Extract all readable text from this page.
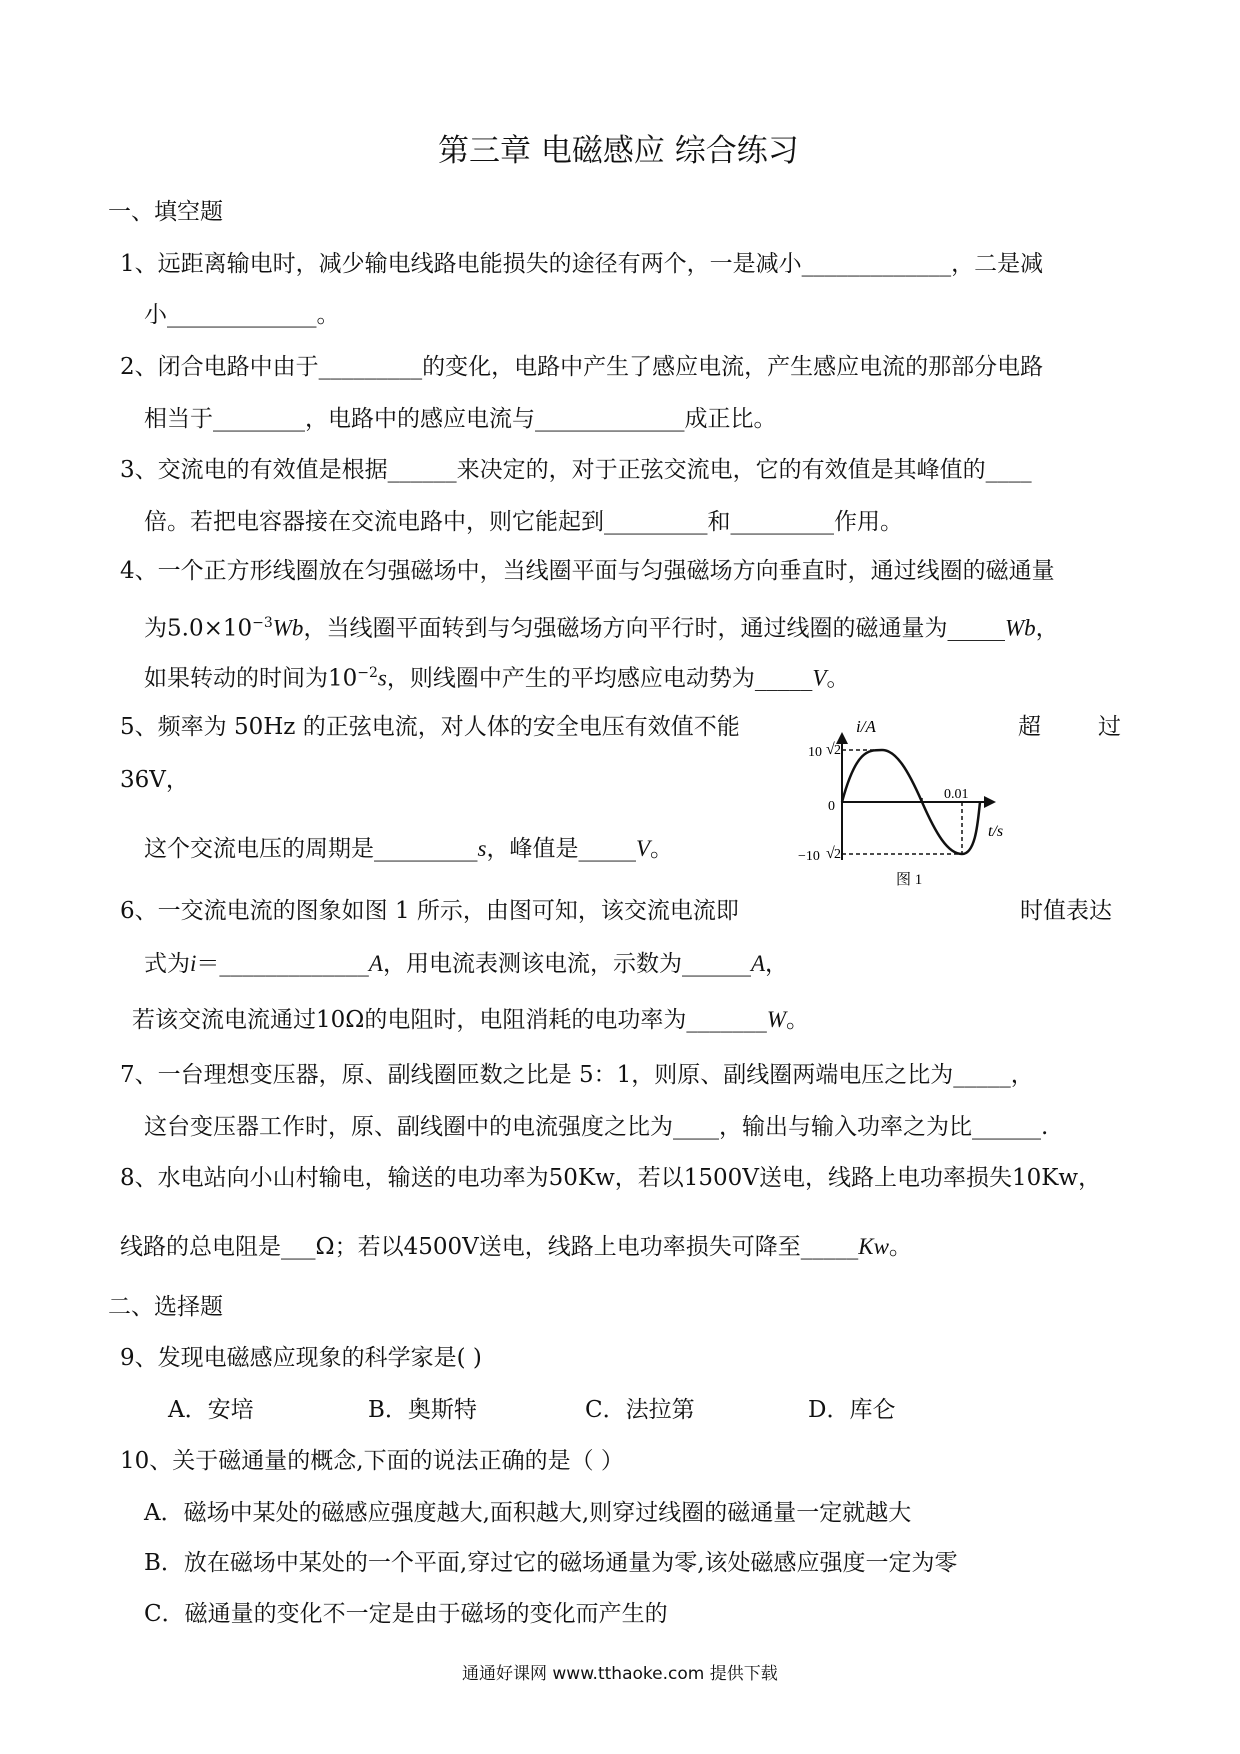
第三章 电磁感应 综合练习
一、填空题
1、远距离输电时，减少输电线路电能损失的途径有两个，一是减小_____________，二是减
小_____________。
2、闭合电路中由于_________的变化，电路中产生了感应电流，产生感应电流的那部分电路
相当于________，电路中的感应电流与_____________成正比。
3、交流电的有效值是根据______来决定的，对于正弦交流电，它的有效值是其峰值的____
倍。若把电容器接在交流电路中，则它能起到_________和_________作用。
4、一个正方形线圈放在匀强磁场中，当线圈平面与匀强磁场方向垂直时，通过线圈的磁通量
为$5.0\times 10^{-3}Wb$，当线圈平面转到与匀强磁场方向平行时，通过线圈的磁通量为_____Wb，
如果转动的时间为$10^{-2}s$，则线圈中产生的平均感应电动势为_____V。
5、频率为 50Hz 的正弦电流，对人体的安全电压有效值不能	超 过
36V，
这个交流电压的周期是_________s，峰值是_____V。
i/A
t/s
10 √ 2
−10 √ 2
0
0.01
图 1
6、一交流电流的图象如图 1 所示，由图可知，该交流电流即	时值表达
式为i＝_____________A，用电流表测该电流，示数为______A，
若该交流电流通过10Ω的电阻时，电阻消耗的电功率为_______W。
7、一台理想变压器，原、副线圈匝数之比是 5：1，则原、副线圈两端电压之比为_____，
这台变压器工作时，原、副线圈中的电流强度之比为____，输出与输入功率之为比______.
8、水电站向小山村输电，输送的电功率为50Kw，若以1500V送电，线路上电功率损失10Kw，
线路的总电阻是___Ω；若以4500V送电，线路上电功率损失可降至_____Kw。
二、选择题
9、发现电磁感应现象的科学家是( )
A．安培	B．奥斯特	C．法拉第	D．库仑
10、关于磁通量的概念,下面的说法正确的是（ ）
A．磁场中某处的磁感应强度越大,面积越大,则穿过线圈的磁通量一定就越大
B．放在磁场中某处的一个平面,穿过它的磁场通量为零,该处磁感应强度一定为零
C．磁通量的变化不一定是由于磁场的变化而产生的
通通好课网 www.tthaoke.com 提供下载
